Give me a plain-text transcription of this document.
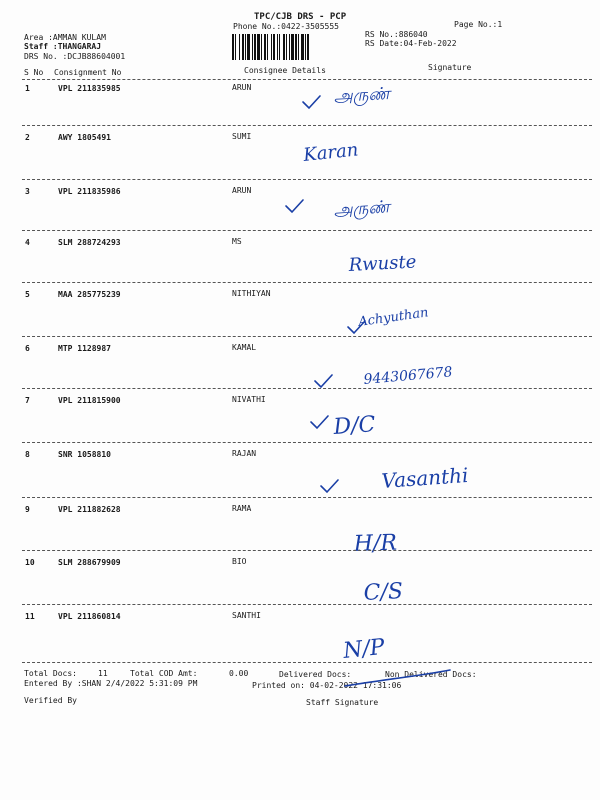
TPC/CJB DRS - PCP
Phone No.:0422-3505555	Page No.:1
Area :AMMAN KULAM
Staff :THANGARAJ
DRS No. :DCJB88604001
RS No.:886040
RS Date:04-Feb-2022
S No Consignment No	Consignee Details	Signature
1	VPL 211835985	ARUN	அருண்
2	AWY 1805491	SUMI
Karan
3	VPL 211835986	ARUN
அருண்
4	SLM 288724293	MS
Rwuste
5	MAA 285775239	NITHIYAN
Achyuthan
6	MTP 1128987	KAMAL
9443067678
7	VPL 211815900	NIVATHI
D/C
8	SNR 1058810	RAJAN
Vasanthi
9	VPL 211882628	RAMA
H/R
10	SLM 288679909	BIO
C/S
11	VPL 211860814	SANTHI
N/P
Total Docs:	11	Total COD Amt:	0.00	Delivered Docs:	Non Delivered Docs:
Entered By :SHAN 2/4/2022 5:31:09 PM	Printed on: 04-02-2022 17:31:06
Verified By	Staff Signature
